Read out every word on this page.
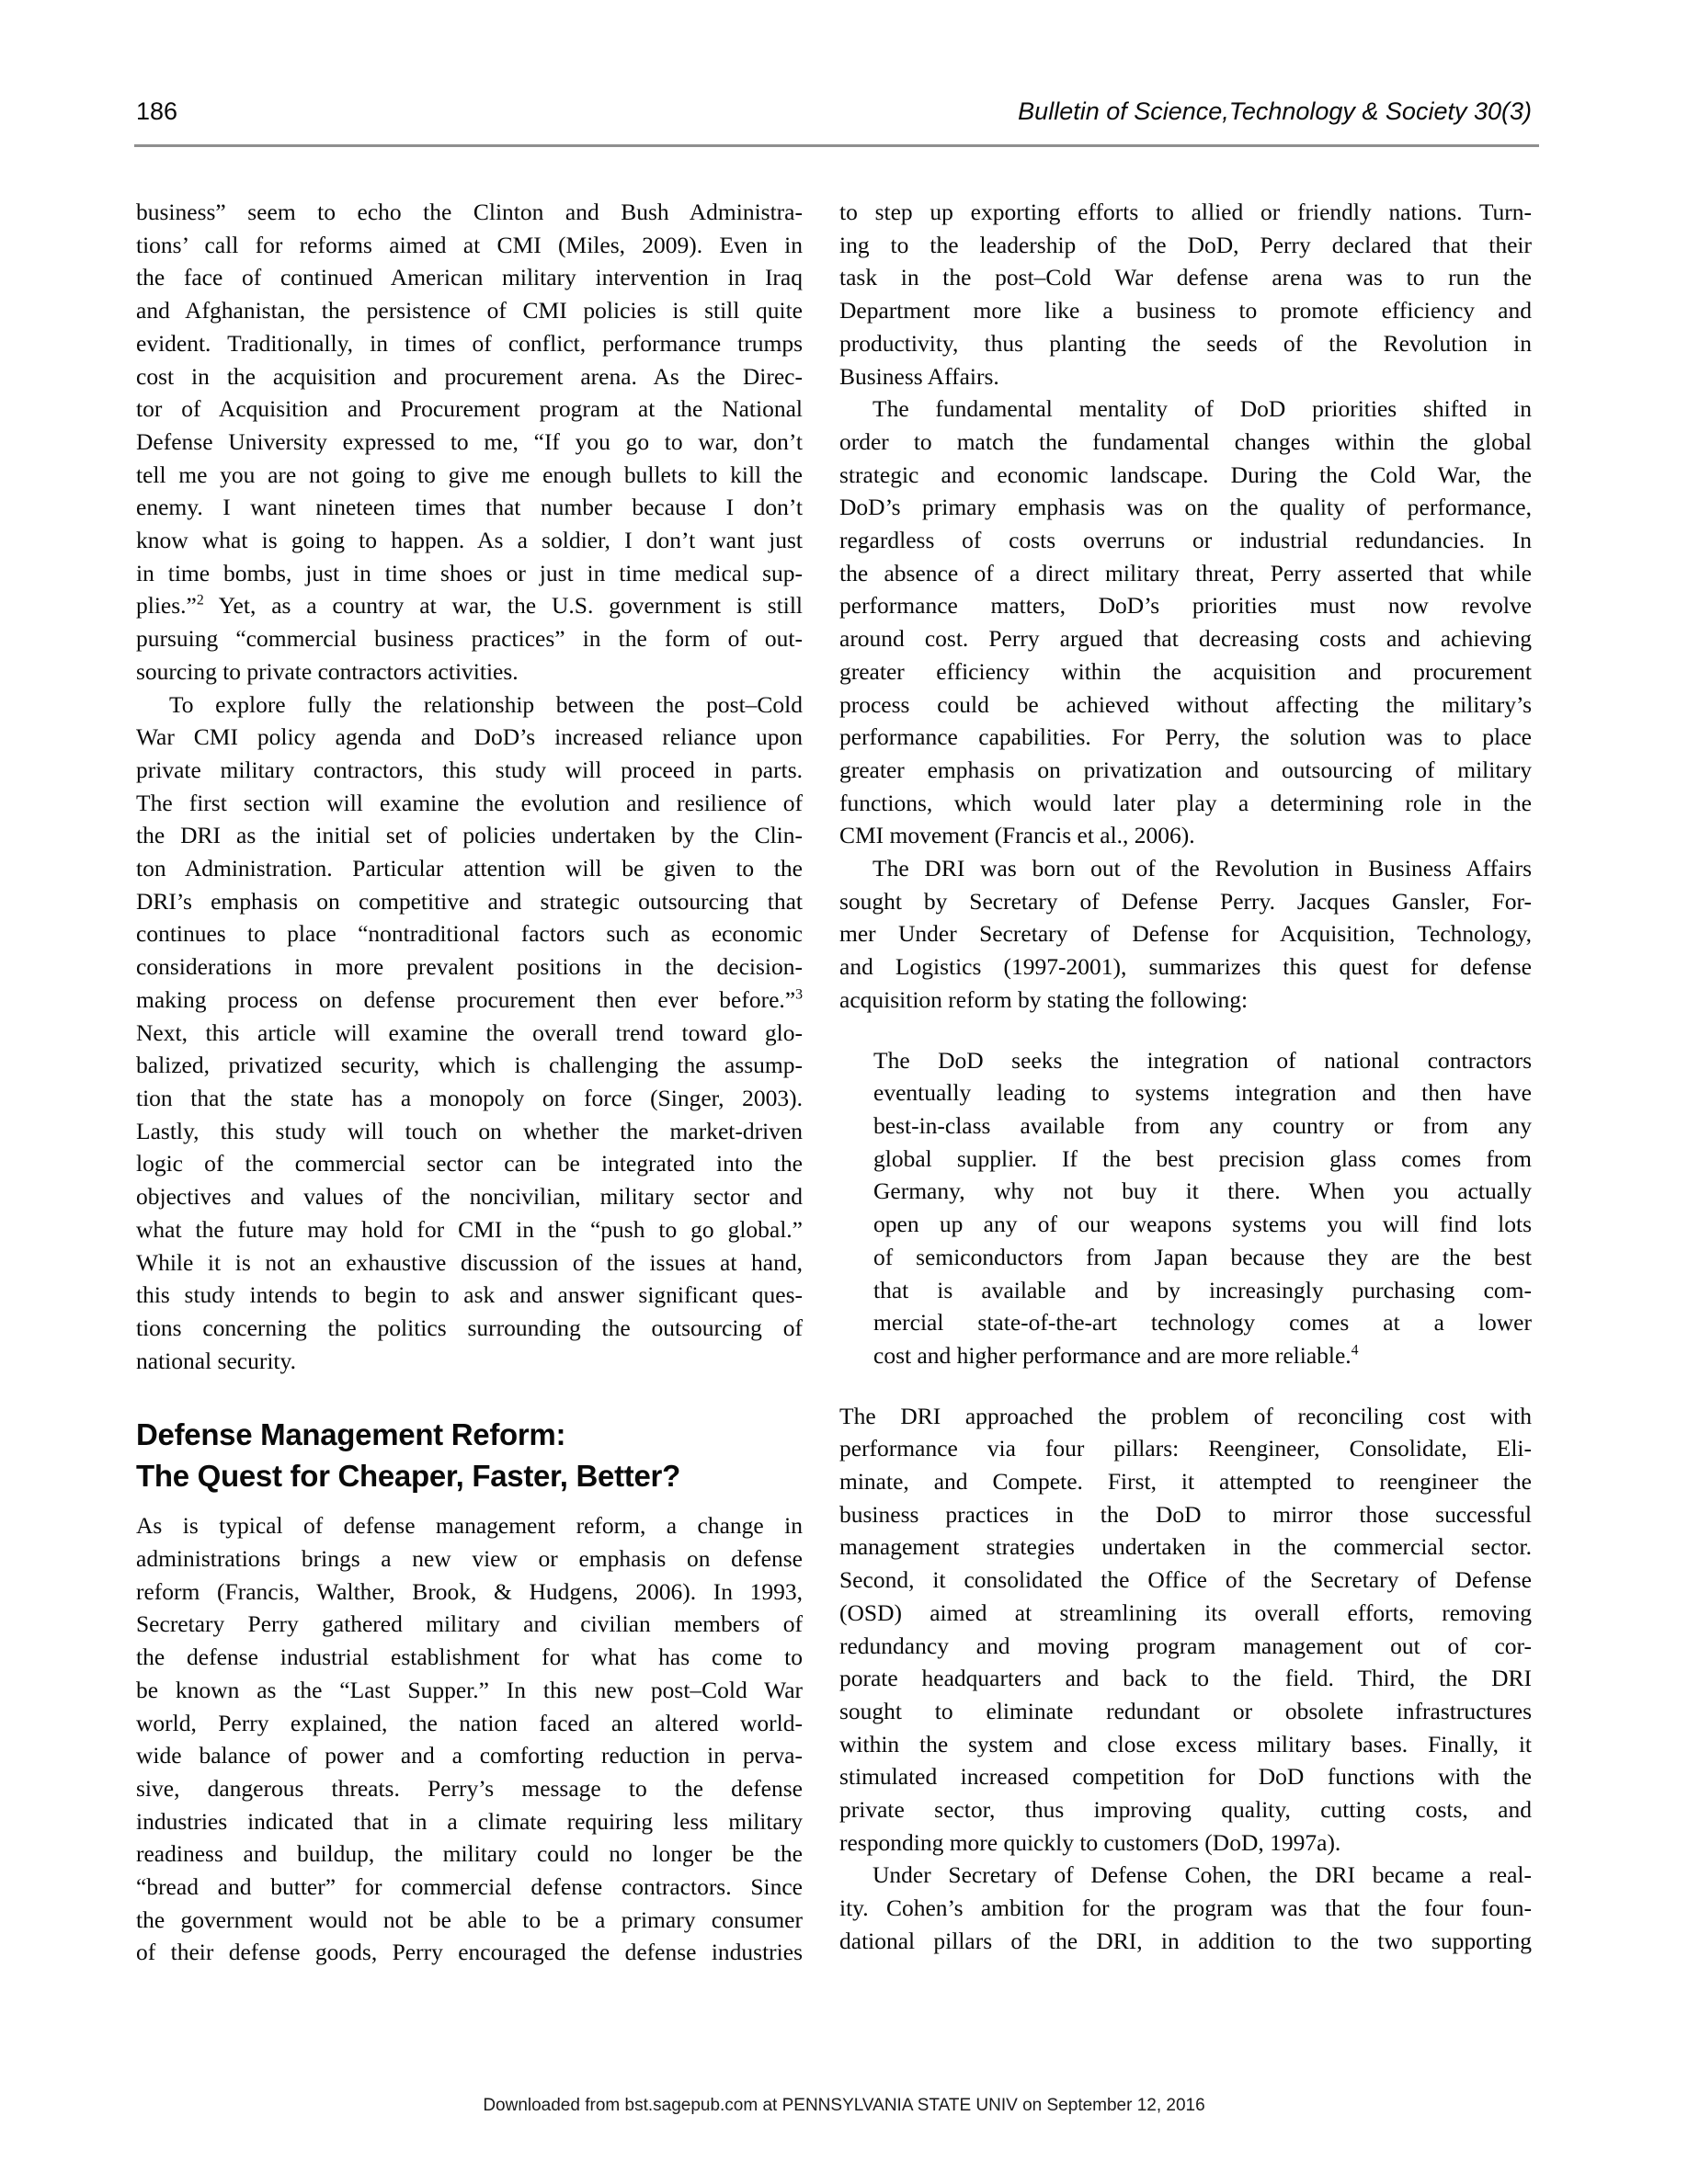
186	Bulletin of Science,Technology & Society 30(3)
business” seem to echo the Clinton and Bush Administra-
tions’ call for reforms aimed at CMI (Miles, 2009). Even in
the face of continued American military intervention in Iraq
and Afghanistan, the persistence of CMI policies is still quite
evident. Traditionally, in times of conflict, performance trumps
cost in the acquisition and procurement arena. As the Direc-
tor of Acquisition and Procurement program at the National
Defense University expressed to me, “If you go to war, don’t
tell me you are not going to give me enough bullets to kill the
enemy. I want nineteen times that number because I don’t
know what is going to happen. As a soldier, I don’t want just
in time bombs, just in time shoes or just in time medical sup-
plies.”$^2$ Yet, as a country at war, the U.S. government is still
pursuing “commercial business practices” in the form of out-
sourcing to private contractors activities.
To explore fully the relationship between the post–Cold
War CMI policy agenda and DoD’s increased reliance upon
private military contractors, this study will proceed in parts.
The first section will examine the evolution and resilience of
the DRI as the initial set of policies undertaken by the Clin-
ton Administration. Particular attention will be given to the
DRI’s emphasis on competitive and strategic outsourcing that
continues to place “nontraditional factors such as economic
considerations in more prevalent positions in the decision-
making process on defense procurement then ever before.”$^3$
Next, this article will examine the overall trend toward glo-
balized, privatized security, which is challenging the assump-
tion that the state has a monopoly on force (Singer, 2003).
Lastly, this study will touch on whether the market-driven
logic of the commercial sector can be integrated into the
objectives and values of the noncivilian, military sector and
what the future may hold for CMI in the “push to go global.”
While it is not an exhaustive discussion of the issues at hand,
this study intends to begin to ask and answer significant ques-
tions concerning the politics surrounding the outsourcing of
national security.
Defense Management Reform:
The Quest for Cheaper, Faster, Better?
As is typical of defense management reform, a change in
administrations brings a new view or emphasis on defense
reform (Francis, Walther, Brook, & Hudgens, 2006). In 1993,
Secretary Perry gathered military and civilian members of
the defense industrial establishment for what has come to
be known as the “Last Supper.” In this new post–Cold War
world, Perry explained, the nation faced an altered world-
wide balance of power and a comforting reduction in perva-
sive, dangerous threats. Perry’s message to the defense
industries indicated that in a climate requiring less military
readiness and buildup, the military could no longer be the
“bread and butter” for commercial defense contractors. Since
the government would not be able to be a primary consumer
of their defense goods, Perry encouraged the defense industries
to step up exporting efforts to allied or friendly nations. Turn-
ing to the leadership of the DoD, Perry declared that their
task in the post–Cold War defense arena was to run the
Department more like a business to promote efficiency and
productivity, thus planting the seeds of the Revolution in
Business Affairs.
The fundamental mentality of DoD priorities shifted in
order to match the fundamental changes within the global
strategic and economic landscape. During the Cold War, the
DoD’s primary emphasis was on the quality of performance,
regardless of costs overruns or industrial redundancies. In
the absence of a direct military threat, Perry asserted that while
performance matters, DoD’s priorities must now revolve
around cost. Perry argued that decreasing costs and achieving
greater efficiency within the acquisition and procurement
process could be achieved without affecting the military’s
performance capabilities. For Perry, the solution was to place
greater emphasis on privatization and outsourcing of military
functions, which would later play a determining role in the
CMI movement (Francis et al., 2006).
The DRI was born out of the Revolution in Business Affairs
sought by Secretary of Defense Perry. Jacques Gansler, For-
mer Under Secretary of Defense for Acquisition, Technology,
and Logistics (1997-2001), summarizes this quest for defense
acquisition reform by stating the following:
The DoD seeks the integration of national contractors
eventually leading to systems integration and then have
best-in-class available from any country or from any
global supplier. If the best precision glass comes from
Germany, why not buy it there. When you actually
open up any of our weapons systems you will find lots
of semiconductors from Japan because they are the best
that is available and by increasingly purchasing com-
mercial state-of-the-art technology comes at a lower
cost and higher performance and are more reliable.$^4$
The DRI approached the problem of reconciling cost with
performance via four pillars: Reengineer, Consolidate, Eli-
minate, and Compete. First, it attempted to reengineer the
business practices in the DoD to mirror those successful
management strategies undertaken in the commercial sector.
Second, it consolidated the Office of the Secretary of Defense
(OSD) aimed at streamlining its overall efforts, removing
redundancy and moving program management out of cor-
porate headquarters and back to the field. Third, the DRI
sought to eliminate redundant or obsolete infrastructures
within the system and close excess military bases. Finally, it
stimulated increased competition for DoD functions with the
private sector, thus improving quality, cutting costs, and
responding more quickly to customers (DoD, 1997a).
Under Secretary of Defense Cohen, the DRI became a real-
ity. Cohen’s ambition for the program was that the four foun-
dational pillars of the DRI, in addition to the two supporting
Downloaded from bst.sagepub.com at PENNSYLVANIA STATE UNIV on September 12, 2016
